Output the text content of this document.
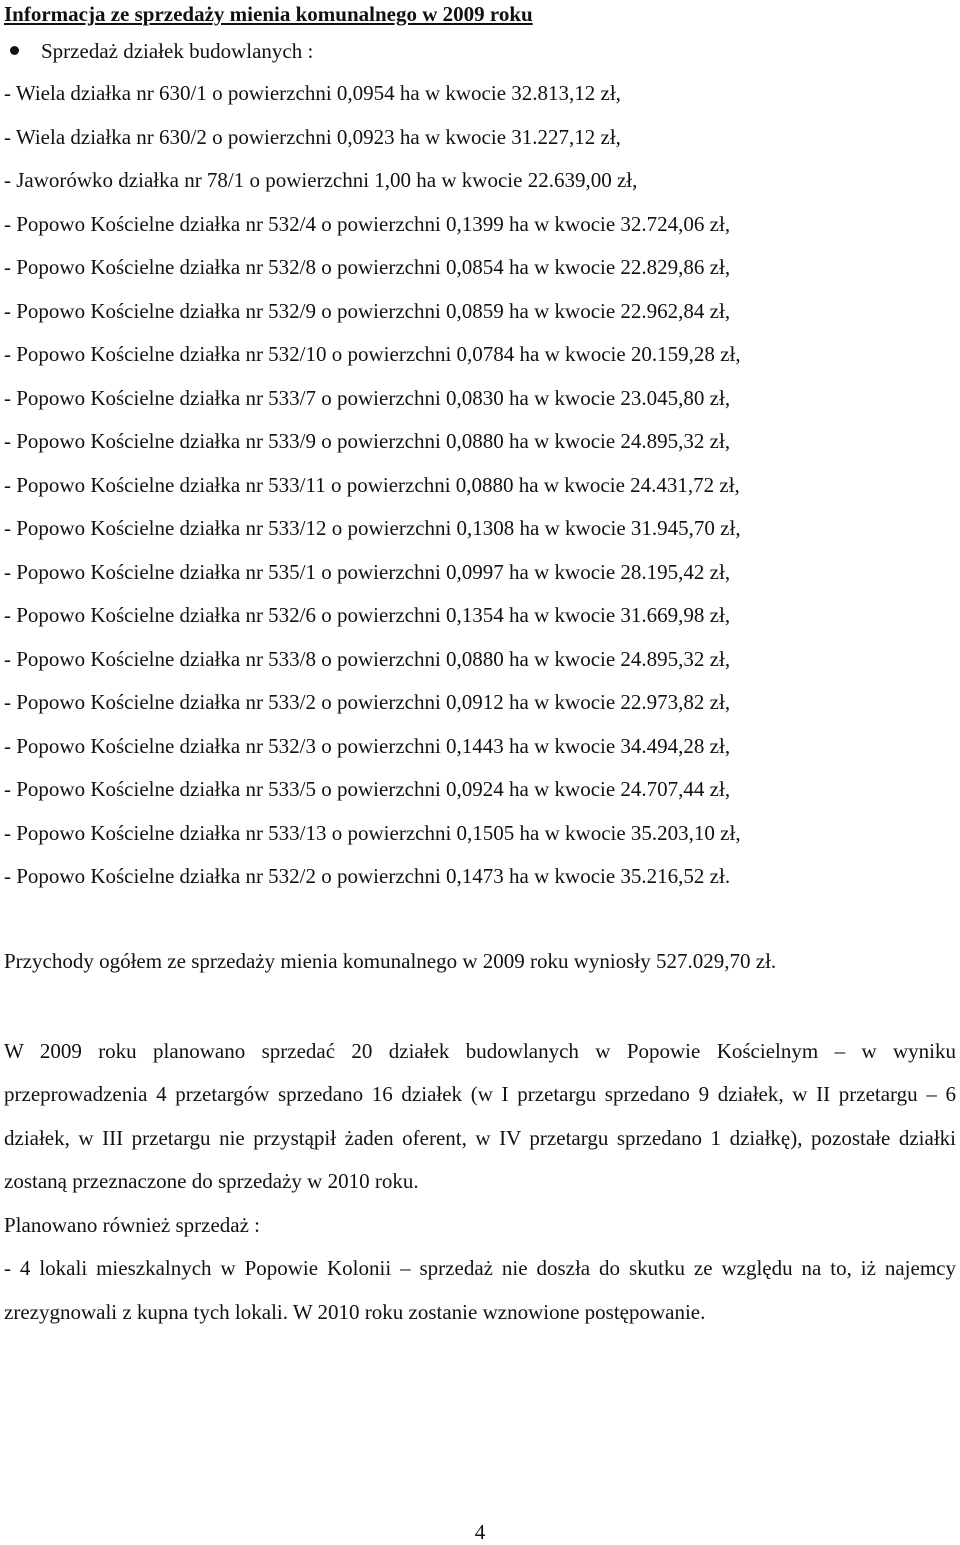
Informacja ze sprzedaży mienia komunalnego w 2009 roku
Sprzedaż działek budowlanych :
- Wiela działka nr 630/1 o powierzchni 0,0954 ha w kwocie 32.813,12 zł,
- Wiela działka nr 630/2 o powierzchni 0,0923 ha w kwocie 31.227,12 zł,
- Jaworówko działka nr 78/1 o powierzchni 1,00 ha w kwocie 22.639,00 zł,
- Popowo Kościelne działka nr 532/4 o powierzchni 0,1399 ha w kwocie 32.724,06 zł,
- Popowo Kościelne działka nr 532/8 o powierzchni 0,0854 ha w kwocie 22.829,86 zł,
- Popowo Kościelne działka nr 532/9 o powierzchni 0,0859 ha w kwocie 22.962,84 zł,
- Popowo Kościelne działka nr 532/10 o powierzchni 0,0784 ha w kwocie 20.159,28 zł,
- Popowo Kościelne działka nr 533/7 o powierzchni 0,0830 ha w kwocie 23.045,80 zł,
- Popowo Kościelne działka nr 533/9 o powierzchni 0,0880 ha w kwocie 24.895,32 zł,
- Popowo Kościelne działka nr 533/11 o powierzchni 0,0880 ha w kwocie 24.431,72 zł,
- Popowo Kościelne działka nr 533/12 o powierzchni 0,1308 ha w kwocie 31.945,70 zł,
- Popowo Kościelne działka nr 535/1 o powierzchni 0,0997 ha w kwocie 28.195,42 zł,
- Popowo Kościelne działka nr 532/6 o powierzchni 0,1354 ha w kwocie 31.669,98 zł,
- Popowo Kościelne działka nr 533/8 o powierzchni 0,0880 ha w kwocie 24.895,32 zł,
- Popowo Kościelne działka nr 533/2 o powierzchni 0,0912 ha w kwocie 22.973,82 zł,
- Popowo Kościelne działka nr 532/3 o powierzchni 0,1443 ha w kwocie 34.494,28 zł,
- Popowo Kościelne działka nr 533/5 o powierzchni 0,0924 ha w kwocie 24.707,44 zł,
- Popowo Kościelne działka nr 533/13 o powierzchni 0,1505 ha w kwocie 35.203,10 zł,
- Popowo Kościelne działka nr 532/2 o powierzchni 0,1473 ha w kwocie 35.216,52 zł.

Przychody ogółem ze sprzedaży mienia komunalnego w 2009 roku wyniosły 527.029,70 zł.

W 2009 roku planowano sprzedać 20 działek budowlanych w Popowie Kościelnym – w wyniku przeprowadzenia 4 przetargów sprzedano 16 działek (w I przetargu sprzedano 9 działek, w II przetargu – 6 działek, w III przetargu nie przystąpił żaden oferent, w IV przetargu sprzedano 1 działkę), pozostałe działki zostaną przeznaczone do sprzedaży w 2010 roku.

Planowano również sprzedaż :

- 4 lokali mieszkalnych w Popowie Kolonii – sprzedaż nie doszła do skutku ze względu na to, iż najemcy zrezygnowali z kupna tych lokali. W 2010 roku zostanie wznowione postępowanie.

4
